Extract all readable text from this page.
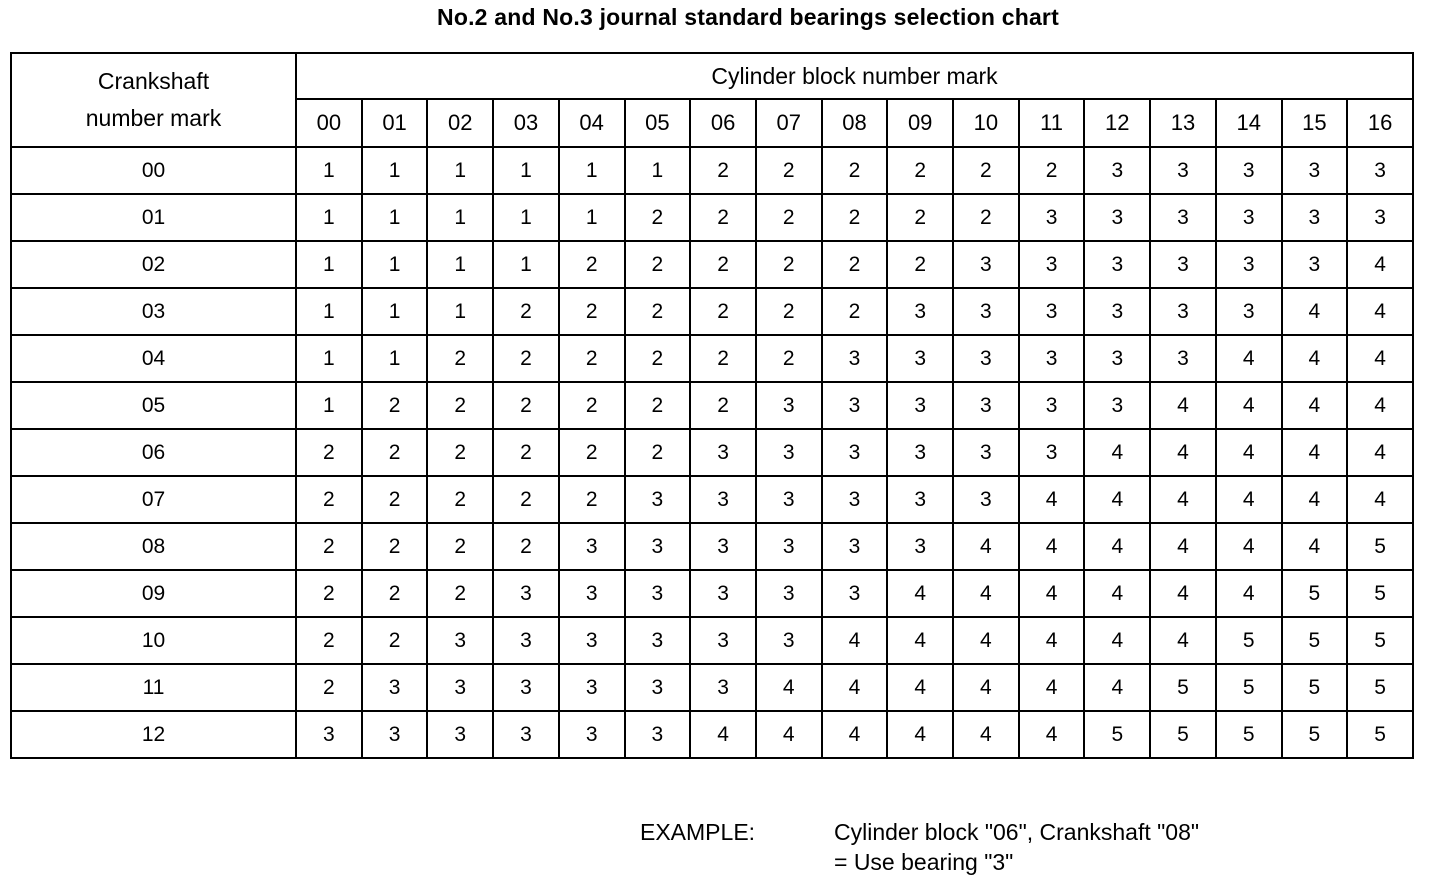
No.2 and No.3 journal standard bearings selection chart
Crankshaft
number mark	Cylinder block number mark																
	00	01	02	03	04	05	06	07	08	09	10	11	12	13	14	15	16
00	1	1	1	1	1	1	2	2	2	2	2	2	3	3	3	3	3
01	1	1	1	1	1	2	2	2	2	2	2	3	3	3	3	3	3
02	1	1	1	1	2	2	2	2	2	2	3	3	3	3	3	3	4
03	1	1	1	2	2	2	2	2	2	3	3	3	3	3	3	4	4
04	1	1	2	2	2	2	2	2	3	3	3	3	3	3	4	4	4
05	1	2	2	2	2	2	2	3	3	3	3	3	3	4	4	4	4
06	2	2	2	2	2	2	3	3	3	3	3	3	4	4	4	4	4
07	2	2	2	2	2	3	3	3	3	3	3	4	4	4	4	4	4
08	2	2	2	2	3	3	3	3	3	3	4	4	4	4	4	4	5
09	2	2	2	3	3	3	3	3	3	4	4	4	4	4	4	5	5
10	2	2	3	3	3	3	3	3	4	4	4	4	4	4	5	5	5
11	2	3	3	3	3	3	3	4	4	4	4	4	4	5	5	5	5
12	3	3	3	3	3	3	4	4	4	4	4	4	5	5	5	5	5
EXAMPLE:	Cylinder block "06", Crankshaft "08"
= Use bearing "3"
